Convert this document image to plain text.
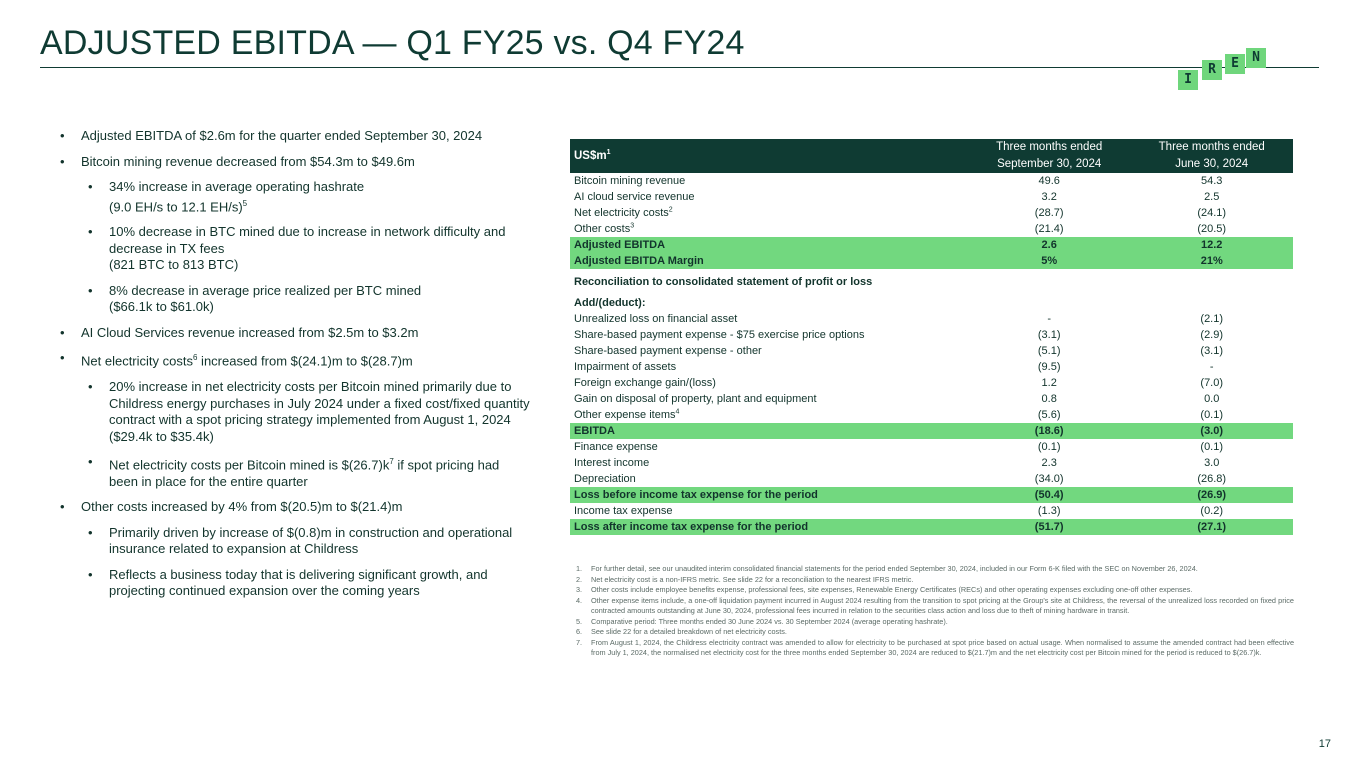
ADJUSTED EBITDA — Q1 FY25 vs. Q4 FY24
I
R	E	N
• Adjusted EBITDA of $2.6m for the quarter ended September 30, 2024
• Bitcoin mining revenue decreased from $54.3m to $49.6m
• 34% increase in average operating hashrate
(9.0 EH/s to 12.1 EH/s)$^5$
• 10% decrease in BTC mined due to increase in network difficulty and decrease in TX fees
(821 BTC to 813 BTC)
• 8% decrease in average price realized per BTC mined
($66.1k to $61.0k)
• AI Cloud Services revenue increased from $2.5m to $3.2m
• Net electricity costs$^6$ increased from $(24.1)m to $(28.7)m
• 20% increase in net electricity costs per Bitcoin mined primarily due to Childress energy purchases in July 2024 under a fixed cost/fixed quantity contract with a spot pricing strategy implemented from August 1, 2024
($29.4k to $35.4k)
• Net electricity costs per Bitcoin mined is $\$(26.7)k^7$ if spot pricing had been in place for the entire quarter
• Other costs increased by 4% from $(20.5)m to $(21.4)m
• Primarily driven by increase of $(0.8)m in construction and operational insurance related to expansion at Childress
• Reflects a business today that is delivering significant growth, and projecting continued expansion over the coming years
$US\$m^1$	Three months ended	Three months ended
	September 30, 2024	June 30, 2024
Bitcoin mining revenue	49.6	54.3
AI cloud service revenue	3.2	2.5
Net electricity costs$^2$	(28.7)	(24.1)
Other costs$^3$	(21.4)	(20.5)
Adjusted EBITDA	2.6	12.2
Adjusted EBITDA Margin	5%	21%

Reconciliation to consolidated statement of profit or loss		

Add/(deduct):		
Unrealized loss on financial asset	-	(2.1)
Share-based payment expense - $75 exercise price options	(3.1)	(2.9)
Share-based payment expense - other	(5.1)	(3.1)
Impairment of assets	(9.5)	-
Foreign exchange gain/(loss)	1.2	(7.0)
Gain on disposal of property, plant and equipment	0.8	0.0
Other expense items$^4$	(5.6)	(0.1)
EBITDA	(18.6)	(3.0)
Finance expense	(0.1)	(0.1)
Interest income	2.3	3.0
Depreciation	(34.0)	(26.8)
Loss before income tax expense for the period	(50.4)	(26.9)
Income tax expense	(1.3)	(0.2)
Loss after income tax expense for the period	(51.7)	(27.1)
1. For further detail, see our unaudited interim consolidated financial statements for the period ended September 30, 2024, included in our Form 6-K filed with the SEC on November 26, 2024.
2. Net electricity cost is a non-IFRS metric. See slide 22 for a reconciliation to the nearest IFRS metric.
3. Other costs include employee benefits expense, professional fees, site expenses, Renewable Energy Certificates (RECs) and other operating expenses excluding one-off other expenses.
4. Other expense items include, a one-off liquidation payment incurred in August 2024 resulting from the transition to spot pricing at the Group's site at Childress, the reversal of the unrealized loss recorded on fixed price contracted amounts outstanding at June 30, 2024, professional fees incurred in relation to the securities class action and loss due to theft of mining hardware in transit.
5. Comparative period: Three months ended 30 June 2024 vs. 30 September 2024 (average operating hashrate).
6. See slide 22 for a detailed breakdown of net electricity costs.
7. From August 1, 2024, the Childress electricity contract was amended to allow for electricity to be purchased at spot price based on actual usage. When normalised to assume the amended contract had been effective from July 1, 2024, the normalised net electricity cost for the three months ended September 30, 2024 are reduced to $(21.7)m and the net electricity cost per Bitcoin mined for the period is reduced to $(26.7)k.
17
